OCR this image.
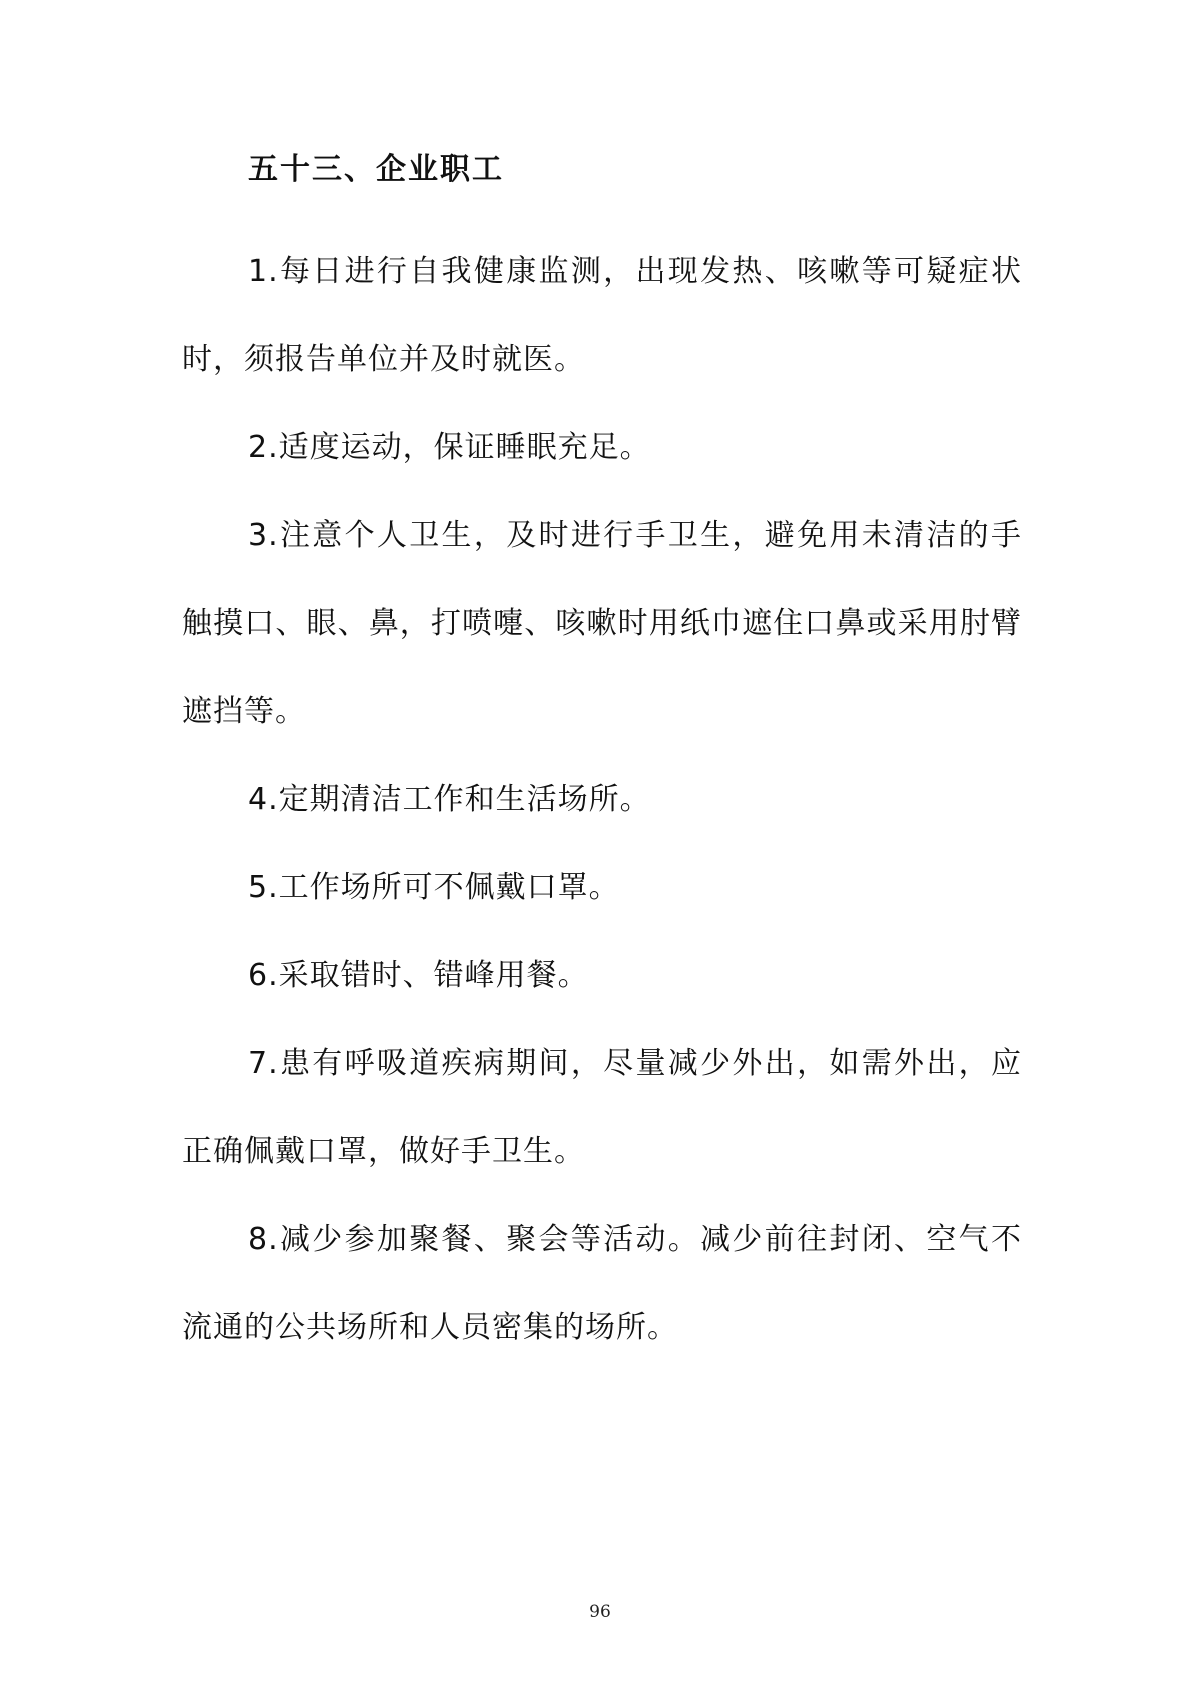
五十三、企业职工

1.每日进行自我健康监测，出现发热、咳嗽等可疑症状时，须报告单位并及时就医。

2.适度运动，保证睡眠充足。

3.注意个人卫生，及时进行手卫生，避免用未清洁的手触摸口、眼、鼻，打喷嚏、咳嗽时用纸巾遮住口鼻或采用肘臂遮挡等。

4.定期清洁工作和生活场所。

5.工作场所可不佩戴口罩。

6.采取错时、错峰用餐。

7.患有呼吸道疾病期间，尽量减少外出，如需外出，应正确佩戴口罩，做好手卫生。

8.减少参加聚餐、聚会等活动。减少前往封闭、空气不流通的公共场所和人员密集的场所。

96
